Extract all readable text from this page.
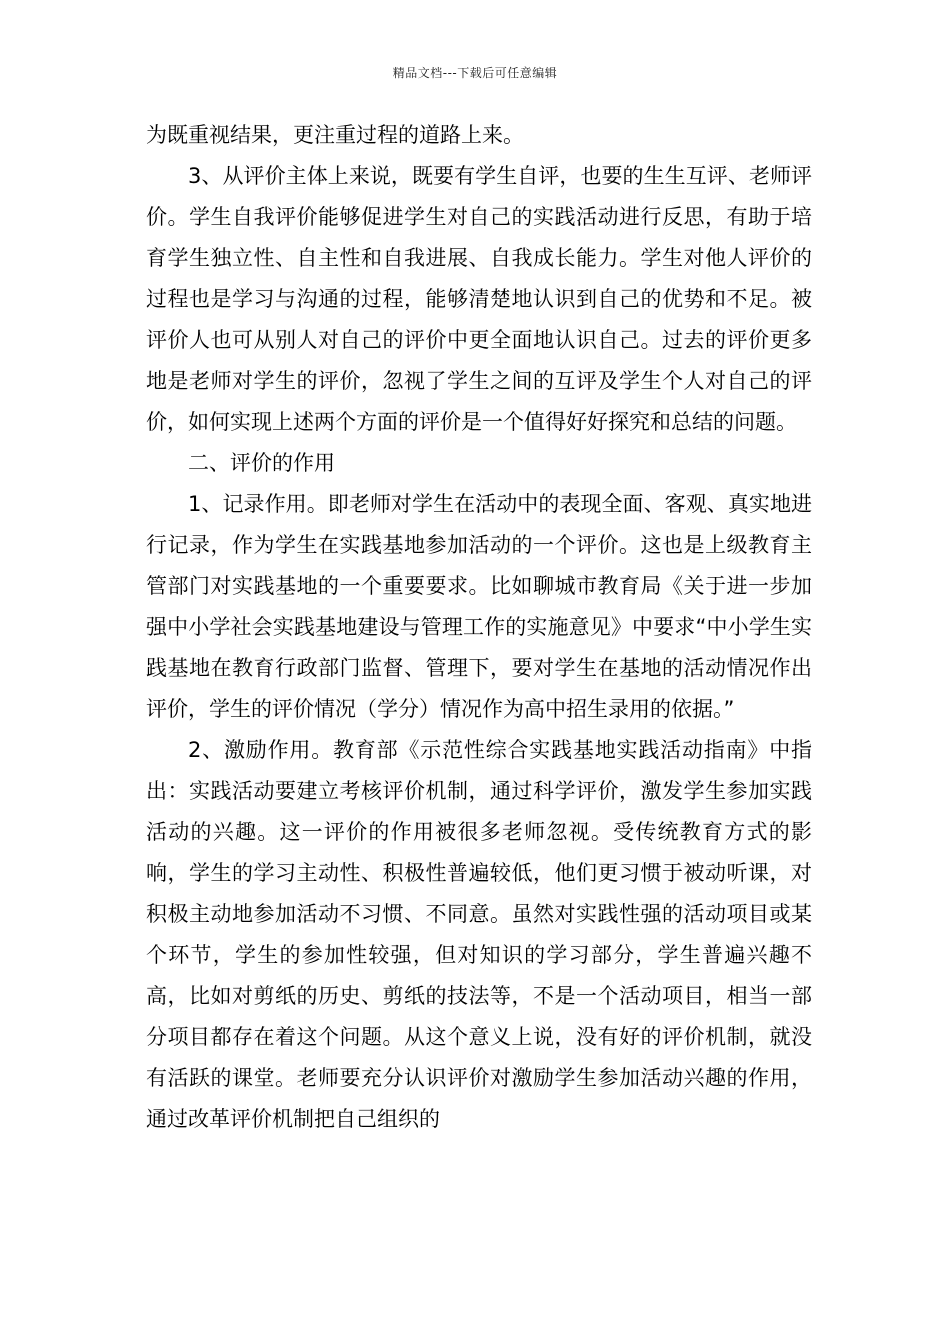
精品文档---下载后可任意编辑

为既重视结果，更注重过程的道路上来。

3、从评价主体上来说，既要有学生自评，也要的生生互评、老师评价。学生自我评价能够促进学生对自己的实践活动进行反思，有助于培育学生独立性、自主性和自我进展、自我成长能力。学生对他人评价的过程也是学习与沟通的过程，能够清楚地认识到自己的优势和不足。被评价人也可从别人对自己的评价中更全面地认识自己。过去的评价更多地是老师对学生的评价，忽视了学生之间的互评及学生个人对自己的评价，如何实现上述两个方面的评价是一个值得好好探究和总结的问题。

二、评价的作用

1、记录作用。即老师对学生在活动中的表现全面、客观、真实地进行记录，作为学生在实践基地参加活动的一个评价。这也是上级教育主管部门对实践基地的一个重要要求。比如聊城市教育局《关于进一步加强中小学社会实践基地建设与管理工作的实施意见》中要求“中小学生实践基地在教育行政部门监督、管理下，要对学生在基地的活动情况作出评价，学生的评价情况（学分）情况作为高中招生录用的依据。”

2、激励作用。教育部《示范性综合实践基地实践活动指南》中指出：实践活动要建立考核评价机制，通过科学评价，激发学生参加实践活动的兴趣。这一评价的作用被很多老师忽视。受传统教育方式的影响，学生的学习主动性、积极性普遍较低，他们更习惯于被动听课，对积极主动地参加活动不习惯、不同意。虽然对实践性强的活动项目或某个环节，学生的参加性较强，但对知识的学习部分，学生普遍兴趣不高，比如对剪纸的历史、剪纸的技法等，不是一个活动项目，相当一部分项目都存在着这个问题。从这个意义上说，没有好的评价机制，就没有活跃的课堂。老师要充分认识评价对激励学生参加活动兴趣的作用，通过改革评价机制把自己组织的
